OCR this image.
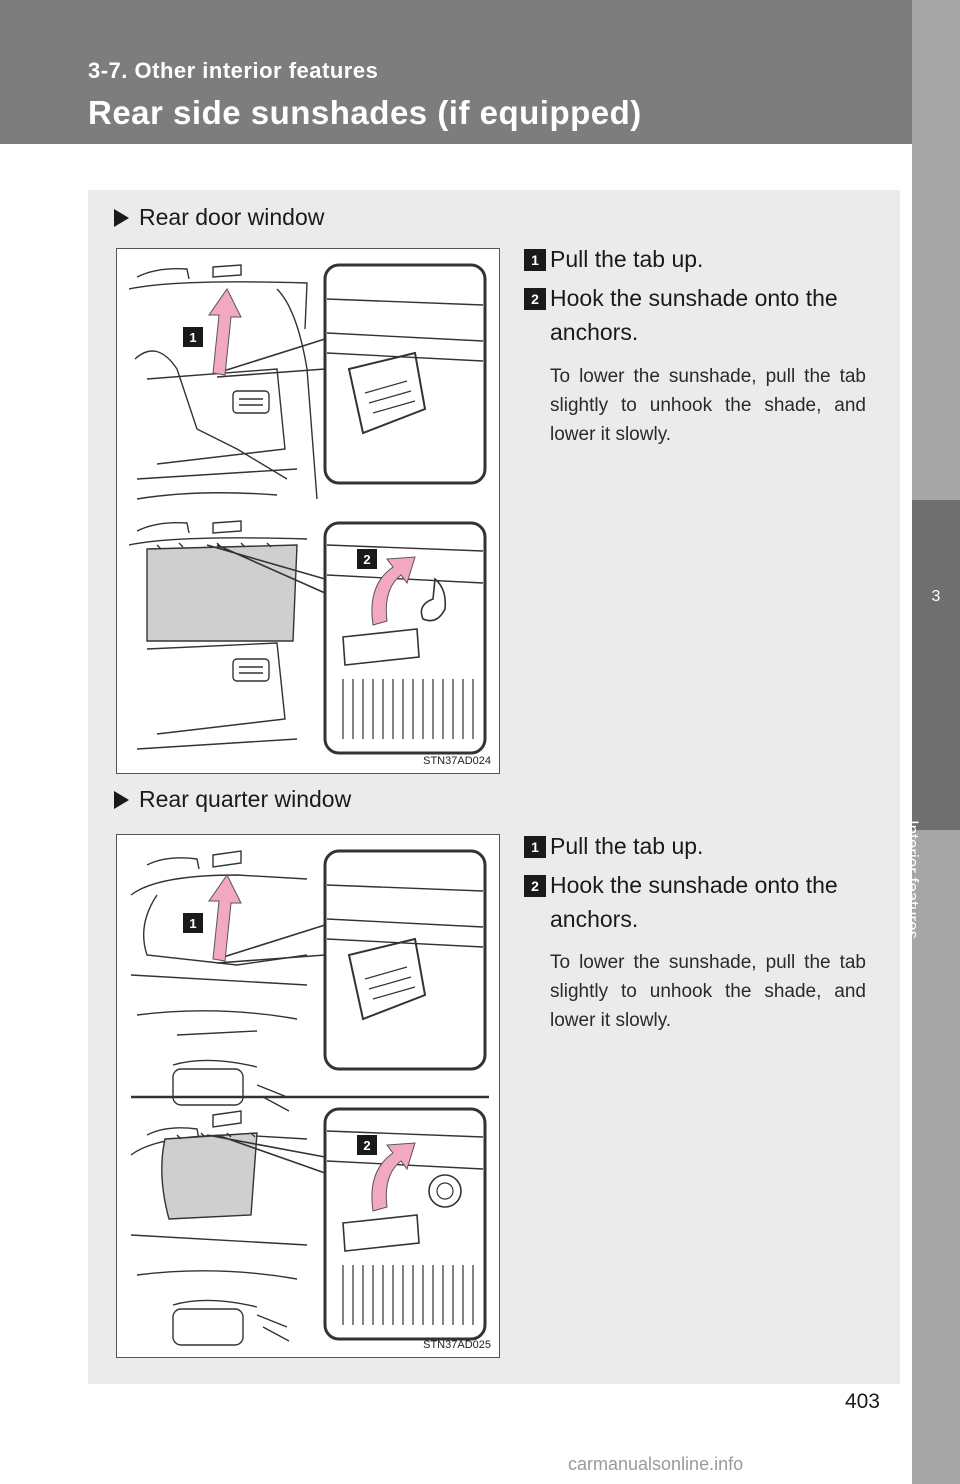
3-7. Other interior features
Rear side sunshades (if equipped)
3
Interior features
Rear door window
1
2
STN37AD024
1 Pull the tab up.
2 Hook the sunshade onto the anchors.
To lower the sunshade, pull the tab slightly to unhook the shade, and lower it slowly.
Rear quarter window
1
2
STN37AD025
1 Pull the tab up.
2 Hook the sunshade onto the anchors.
To lower the sunshade, pull the tab slightly to unhook the shade, and lower it slowly.
403
carmanualsonline.info
